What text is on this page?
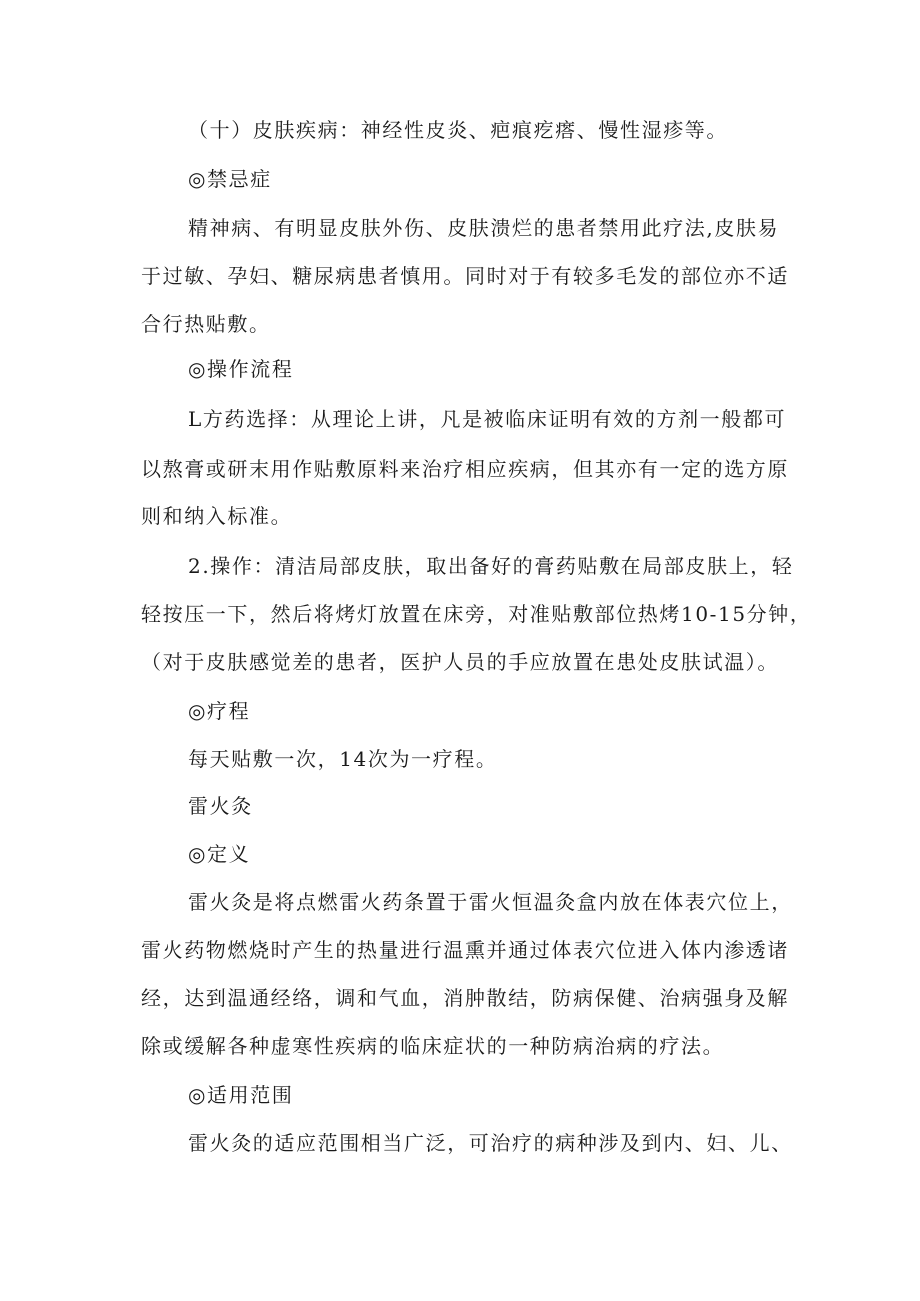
（十）皮肤疾病：神经性皮炎、疤痕疙瘩、慢性湿疹等。
◎禁忌症
精神病、有明显皮肤外伤、皮肤溃烂的患者禁用此疗法,皮肤易
于过敏、孕妇、糖尿病患者慎用。同时对于有较多毛发的部位亦不适
合行热贴敷。
◎操作流程
L方药选择：从理论上讲，凡是被临床证明有效的方剂一般都可
以熬膏或研末用作贴敷原料来治疗相应疾病，但其亦有一定的选方原
则和纳入标准。
2.操作：清洁局部皮肤，取出备好的膏药贴敷在局部皮肤上，轻
轻按压一下，然后将烤灯放置在床旁，对准贴敷部位热烤10-15分钟，
（对于皮肤感觉差的患者，医护人员的手应放置在患处皮肤试温）。
◎疗程
每天贴敷一次，14次为一疗程。
雷火灸
◎定义
雷火灸是将点燃雷火药条置于雷火恒温灸盒内放在体表穴位上，
雷火药物燃烧时产生的热量进行温熏并通过体表穴位进入体内渗透诸
经，达到温通经络，调和气血，消肿散结，防病保健、治病强身及解
除或缓解各种虚寒性疾病的临床症状的一种防病治病的疗法。
◎适用范围
雷火灸的适应范围相当广泛，可治疗的病种涉及到内、妇、儿、
